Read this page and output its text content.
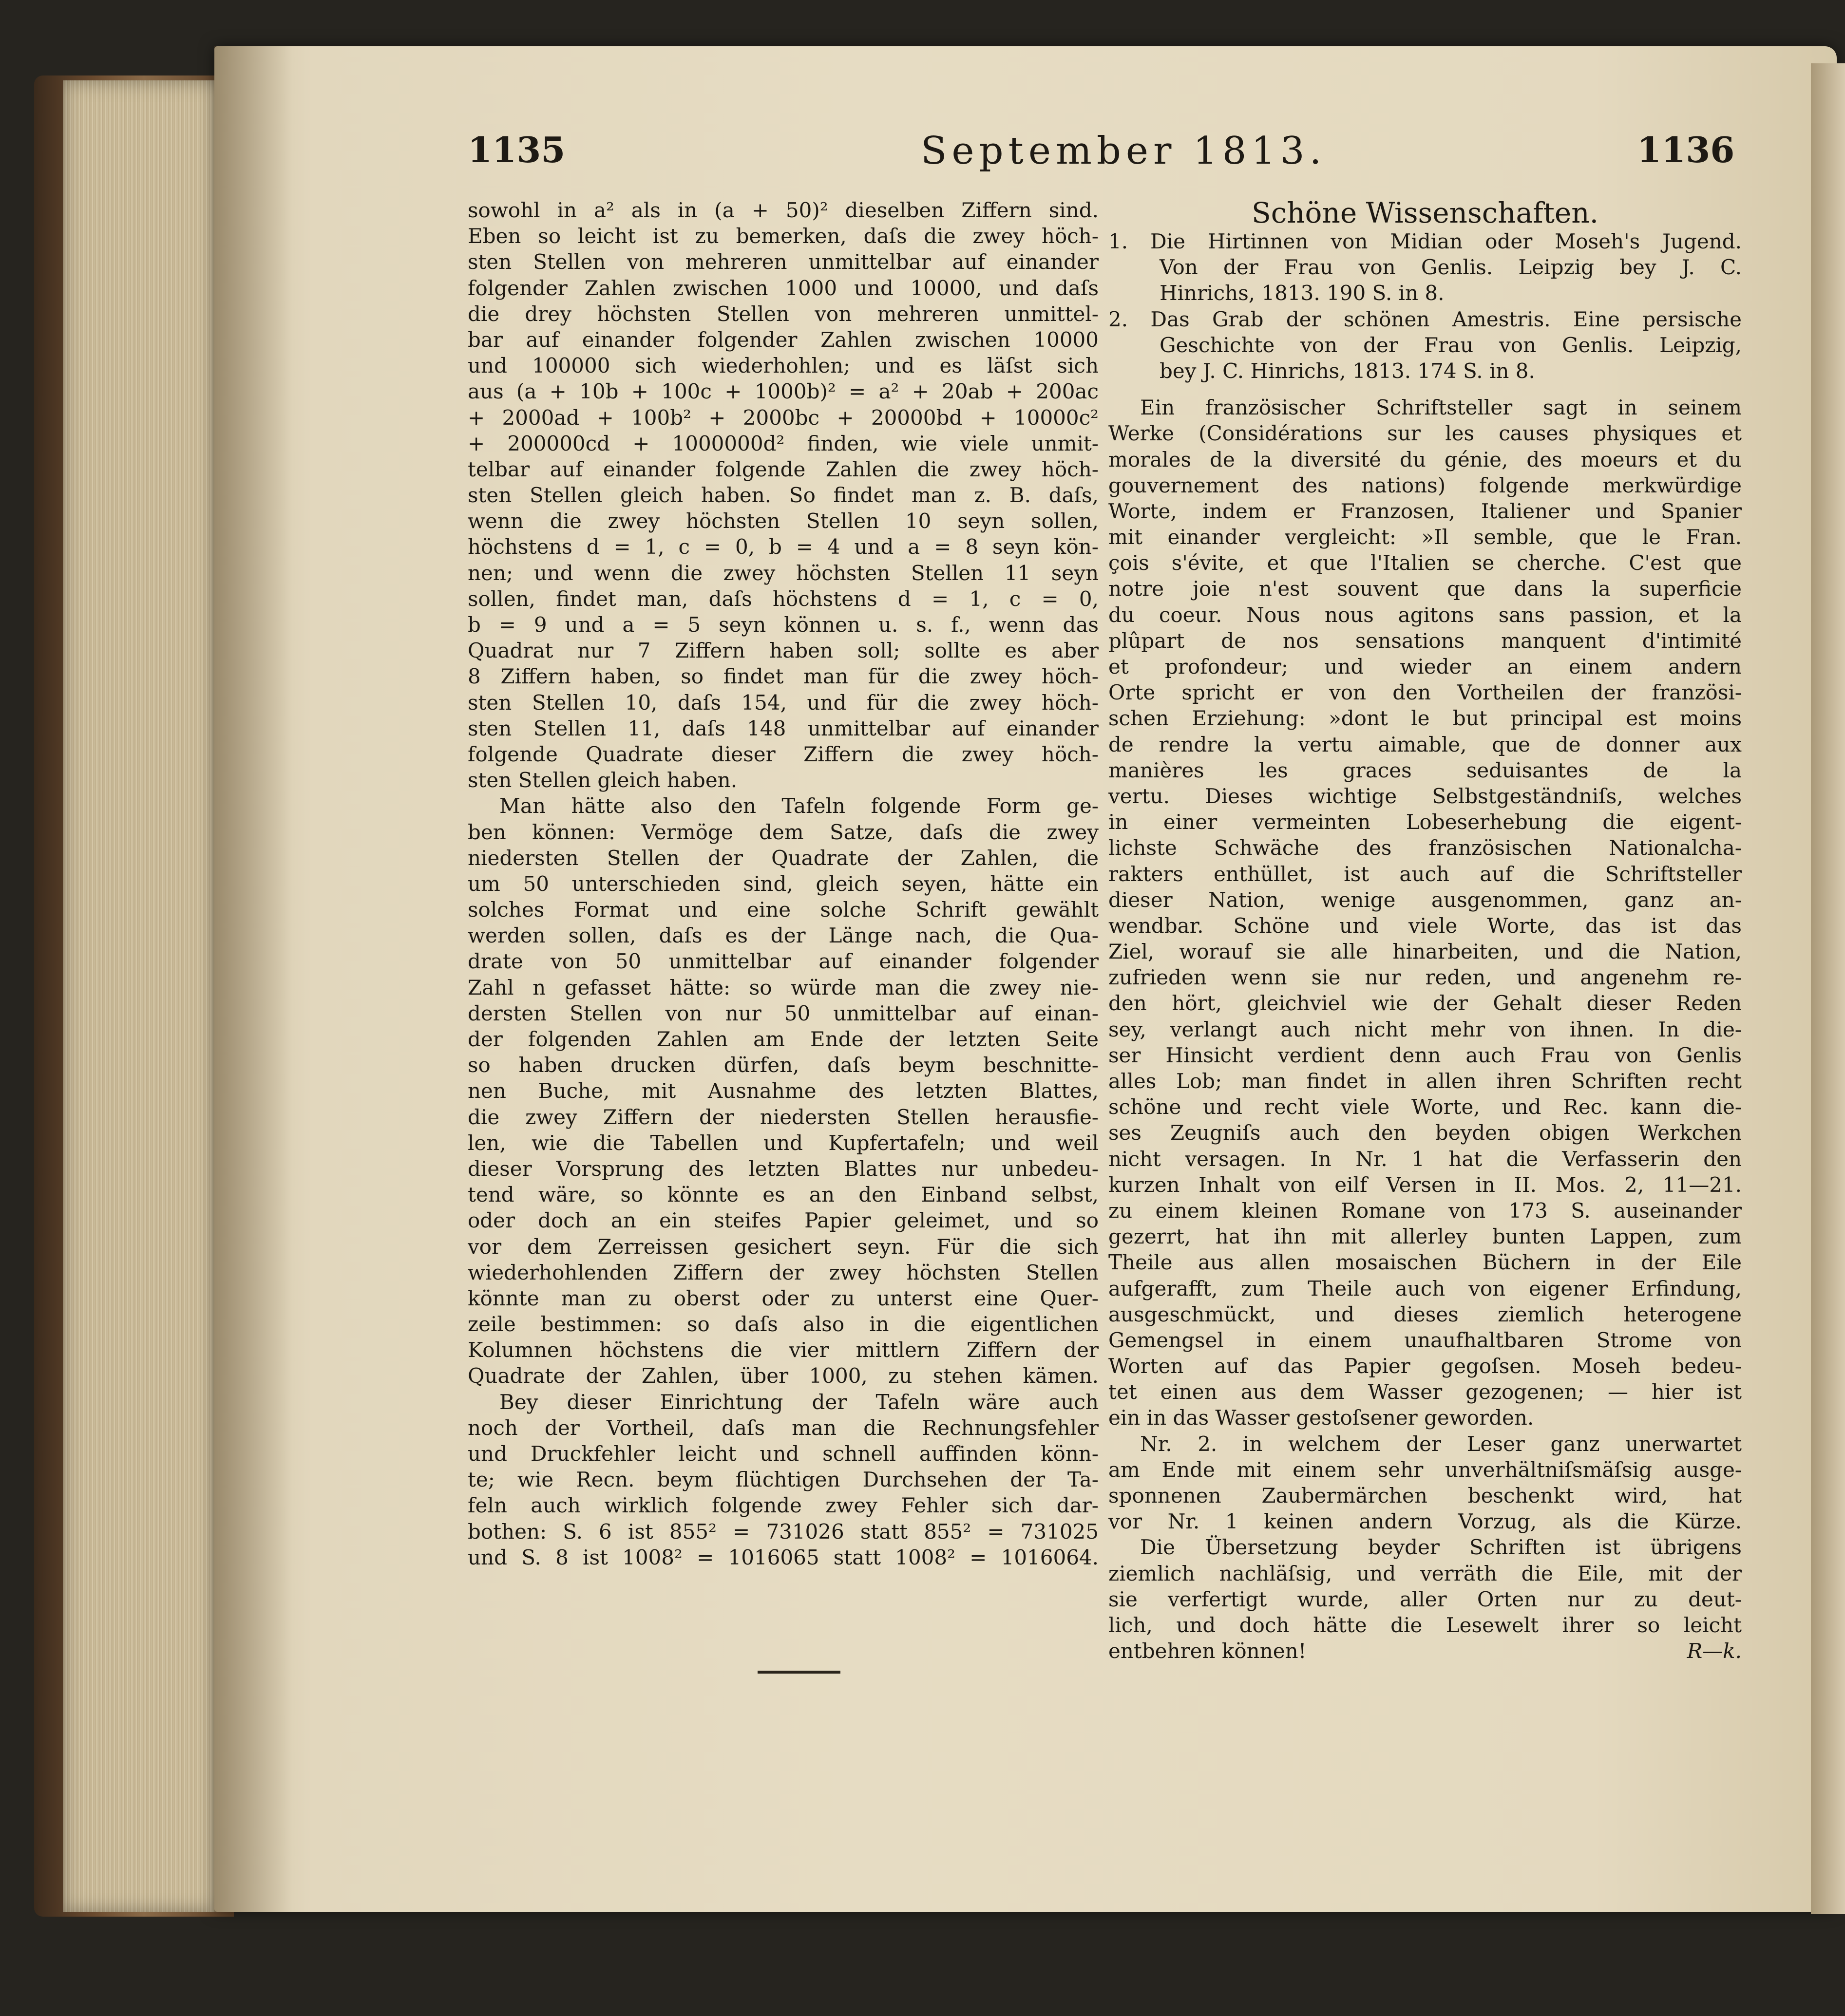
1135	September 1813.	1136
sowohl in a² als in (a + 50)² dieselben Ziffern sind.
Eben so leicht ist zu bemerken, daſs die zwey höch-
sten Stellen von mehreren unmittelbar auf einander
folgender Zahlen zwischen 1000 und 10000, und daſs
die drey höchsten Stellen von mehreren unmittel-
bar auf einander folgender Zahlen zwischen 10000
und 100000 sich wiederhohlen; und es läſst sich
aus (a + 10b + 100c + 1000b)² = a² + 20ab + 200ac
+ 2000ad + 100b² + 2000bc + 20000bd + 10000c²
+ 200000cd + 1000000d² finden, wie viele unmit-
telbar auf einander folgende Zahlen die zwey höch-
sten Stellen gleich haben. So findet man z. B. daſs,
wenn die zwey höchsten Stellen 10 seyn sollen,
höchstens d = 1, c = 0, b = 4 und a = 8 seyn kön-
nen; und wenn die zwey höchsten Stellen 11 seyn
sollen, findet man, daſs höchstens d = 1, c = 0,
b = 9 und a = 5 seyn können u. s. f., wenn das
Quadrat nur 7 Ziffern haben soll; sollte es aber
8 Ziffern haben, so findet man für die zwey höch-
sten Stellen 10, daſs 154, und für die zwey höch-
sten Stellen 11, daſs 148 unmittelbar auf einander
folgende Quadrate dieser Ziffern die zwey höch-
sten Stellen gleich haben.
Man hätte also den Tafeln folgende Form ge-
ben können: Vermöge dem Satze, daſs die zwey
niedersten Stellen der Quadrate der Zahlen, die
um 50 unterschieden sind, gleich seyen, hätte ein
solches Format und eine solche Schrift gewählt
werden sollen, daſs es der Länge nach, die Qua-
drate von 50 unmittelbar auf einander folgender
Zahl n gefasset hätte: so würde man die zwey nie-
dersten Stellen von nur 50 unmittelbar auf einan-
der folgenden Zahlen am Ende der letzten Seite
so haben drucken dürfen, daſs beym beschnitte-
nen Buche, mit Ausnahme des letzten Blattes,
die zwey Ziffern der niedersten Stellen herausfie-
len, wie die Tabellen und Kupfertafeln; und weil
dieser Vorsprung des letzten Blattes nur unbedeu-
tend wäre, so könnte es an den Einband selbst,
oder doch an ein steifes Papier geleimet, und so
vor dem Zerreissen gesichert seyn. Für die sich
wiederhohlenden Ziffern der zwey höchsten Stellen
könnte man zu oberst oder zu unterst eine Quer-
zeile bestimmen: so daſs also in die eigentlichen
Kolumnen höchstens die vier mittlern Ziffern der
Quadrate der Zahlen, über 1000, zu stehen kämen.
Bey dieser Einrichtung der Tafeln wäre auch
noch der Vortheil, daſs man die Rechnungsfehler
und Druckfehler leicht und schnell auffinden könn-
te; wie Recn. beym flüchtigen Durchsehen der Ta-
feln auch wirklich folgende zwey Fehler sich dar-
bothen: S. 6 ist 855² = 731026 statt 855² = 731025
und S. 8 ist 1008² = 1016065 statt 1008² = 1016064.
Schöne Wissenschaften.
1. Die Hirtinnen von Midian oder Moseh's Jugend.
Von der Frau von Genlis. Leipzig bey J. C.
Hinrichs, 1813. 190 S. in 8.
2. Das Grab der schönen Amestris. Eine persische
Geschichte von der Frau von Genlis. Leipzig,
bey J. C. Hinrichs, 1813. 174 S. in 8.
Ein französischer Schriftsteller sagt in seinem
Werke (Considérations sur les causes physiques et
morales de la diversité du génie, des moeurs et du
gouvernement des nations) folgende merkwürdige
Worte, indem er Franzosen, Italiener und Spanier
mit einander vergleicht: »Il semble, que le Fran.
çois s'évite, et que l'Italien se cherche. C'est que
notre joie n'est souvent que dans la superficie
du coeur. Nous nous agitons sans passion, et la
plûpart de nos sensations manquent d'intimité
et profondeur; und wieder an einem andern
Orte spricht er von den Vortheilen der französi-
schen Erziehung: »dont le but principal est moins
de rendre la vertu aimable, que de donner aux
manières les graces seduisantes de la
vertu. Dieses wichtige Selbstgeständniſs, welches
in einer vermeinten Lobeserhebung die eigent-
lichste Schwäche des französischen Nationalcha-
rakters enthüllet, ist auch auf die Schriftsteller
dieser Nation, wenige ausgenommen, ganz an-
wendbar. Schöne und viele Worte, das ist das
Ziel, worauf sie alle hinarbeiten, und die Nation,
zufrieden wenn sie nur reden, und angenehm re-
den hört, gleichviel wie der Gehalt dieser Reden
sey, verlangt auch nicht mehr von ihnen. In die-
ser Hinsicht verdient denn auch Frau von Genlis
alles Lob; man findet in allen ihren Schriften recht
schöne und recht viele Worte, und Rec. kann die-
ses Zeugniſs auch den beyden obigen Werkchen
nicht versagen. In Nr. 1 hat die Verfasserin den
kurzen Inhalt von eilf Versen in II. Mos. 2, 11—21.
zu einem kleinen Romane von 173 S. auseinander
gezerrt, hat ihn mit allerley bunten Lappen, zum
Theile aus allen mosaischen Büchern in der Eile
aufgerafft, zum Theile auch von eigener Erfindung,
ausgeschmückt, und dieses ziemlich heterogene
Gemengsel in einem unaufhaltbaren Strome von
Worten auf das Papier gegoſsen. Moseh bedeu-
tet einen aus dem Wasser gezogenen; — hier ist
ein in das Wasser gestoſsener geworden.
Nr. 2. in welchem der Leser ganz unerwartet
am Ende mit einem sehr unverhältniſsmäſsig ausge-
sponnenen Zaubermärchen beschenkt wird, hat
vor Nr. 1 keinen andern Vorzug, als die Kürze.
Die Übersetzung beyder Schriften ist übrigens
ziemlich nachläſsig, und verräth die Eile, mit der
sie verfertigt wurde, aller Orten nur zu deut-
lich, und doch hätte die Lesewelt ihrer so leicht
entbehren können!	R—k.
